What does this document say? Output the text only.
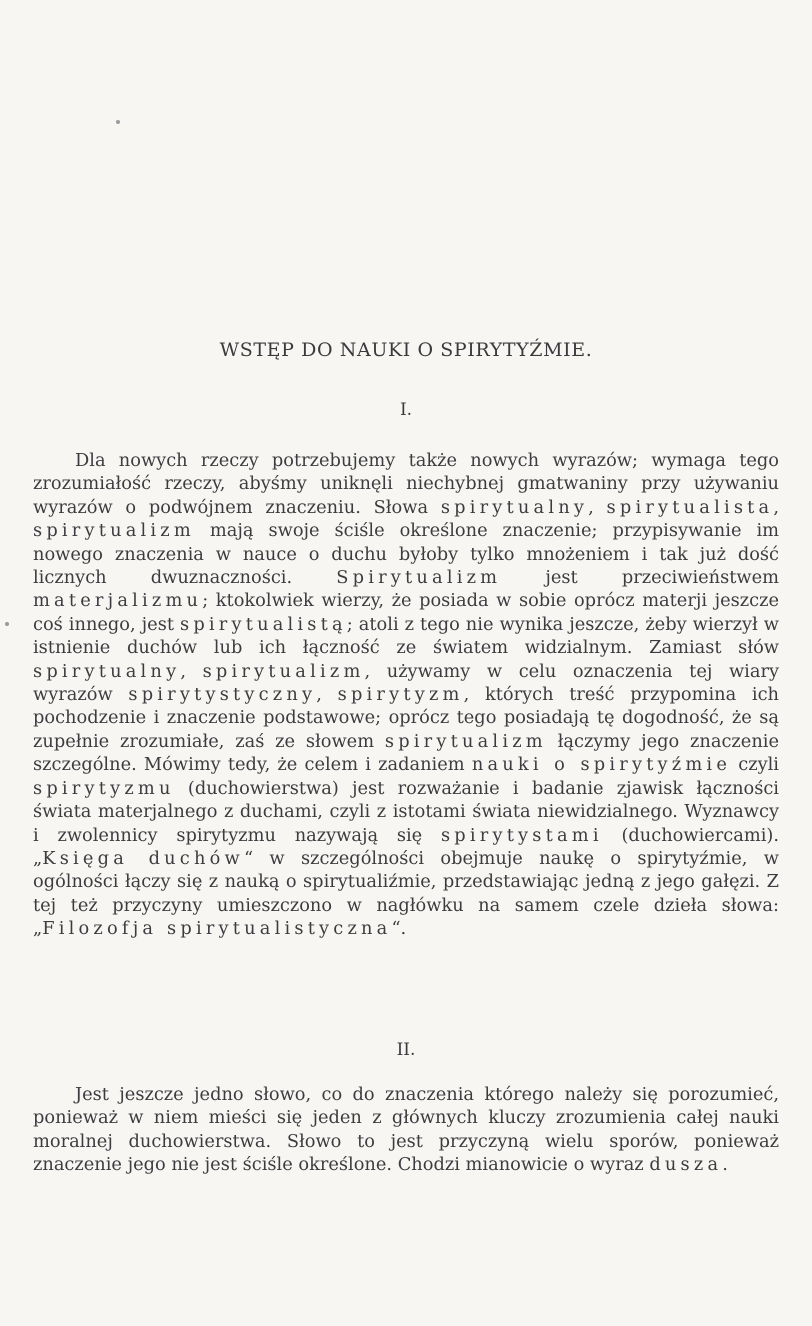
WSTĘP DO NAUKI O SPIRYTYŹMIE.
I.

Dla nowych rzeczy potrzebujemy także nowych wyrazów; wymaga tego zrozumiałość rzeczy, abyśmy uniknęli niechybnej gmatwaniny przy używaniu wyrazów o podwójnem znaczeniu. Słowa spirytualny, spirytualista, spirytualizm mają swoje ściśle określone znaczenie; przypisywanie im nowego znaczenia w nauce o duchu byłoby tylko mnożeniem i tak już dość licznych dwuznaczności. Spirytualizm jest przeciwieństwem materjalizmu; ktokolwiek wierzy, że posiada w sobie oprócz materji jeszcze coś innego, jest spirytualistą; atoli z tego nie wynika jeszcze, żeby wierzył w istnienie duchów lub ich łączność ze światem widzialnym. Zamiast słów spirytualny, spirytualizm, używamy w celu oznaczenia tej wiary wyrazów spirytystyczny, spirytyzm, których treść przypomina ich pochodzenie i znaczenie podstawowe; oprócz tego posiadają tę dogodność, że są zupełnie zrozumiałe, zaś ze słowem spirytualizm łączymy jego znaczenie szczególne. Mówimy tedy, że celem i zadaniem nauki o spirytyźmie czyli spirytyzmu (duchowierstwa) jest rozważanie i badanie zjawisk łączności świata materjalnego z duchami, czyli z istotami świata niewidzialnego. Wyznawcy i zwolennicy spirytyzmu nazywają się spirytystami (duchowiercami). „Księga duchów“ w szczególności obejmuje naukę o spirytyźmie, w ogólności łączy się z nauką o spirytualiźmie, przedstawiając jedną z jego gałęzi. Z tej też przyczyny umieszczono w nagłówku na samem czele dzieła słowa: „Filozofja spirytualistyczna“.

II.

Jest jeszcze jedno słowo, co do znaczenia którego należy się porozumieć, ponieważ w niem mieści się jeden z głównych kluczy zrozumienia całej nauki moralnej duchowierstwa. Słowo to jest przyczyną wielu sporów, ponieważ znaczenie jego nie jest ściśle określone. Chodzi mianowicie o wyraz dusza.
